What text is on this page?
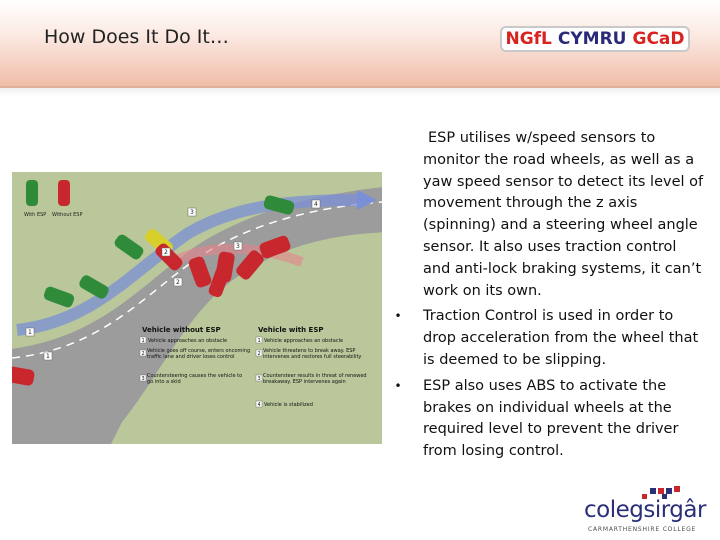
How Does It Do It…	NGfL CYMRU GCaD
With ESP Without ESP
1
1
2
2
3
3
4
Vehicle without ESP	Vehicle with ESP
1 Vehicle approaches an obstacle
2 Vehicle goes off course, enters oncoming traffic lane and driver loses control
3 Countersteering causes the vehicle to go into a skid
1 Vehicle approaches an obstacle
2 Vehicle threatens to break away. ESP intervenes and restores full steerability
3 Countersteer results in threat of renewed breakaway. ESP intervenes again
4 Vehicle is stabilized

ESP utilises w/speed sensors to monitor the road wheels, as well as a yaw speed sensor to detect its level of movement through the z axis (spinning) and a steering wheel angle sensor. It also uses traction control and anti-lock braking systems, it can’t work on its own.

• Traction Control is used in order to drop acceleration from the wheel that is deemed to be slipping.

• ESP also uses ABS to activate the brakes on individual wheels at the required level to prevent the driver from losing control.

colegsirgâr
CARMARTHENSHIRE COLLEGE
